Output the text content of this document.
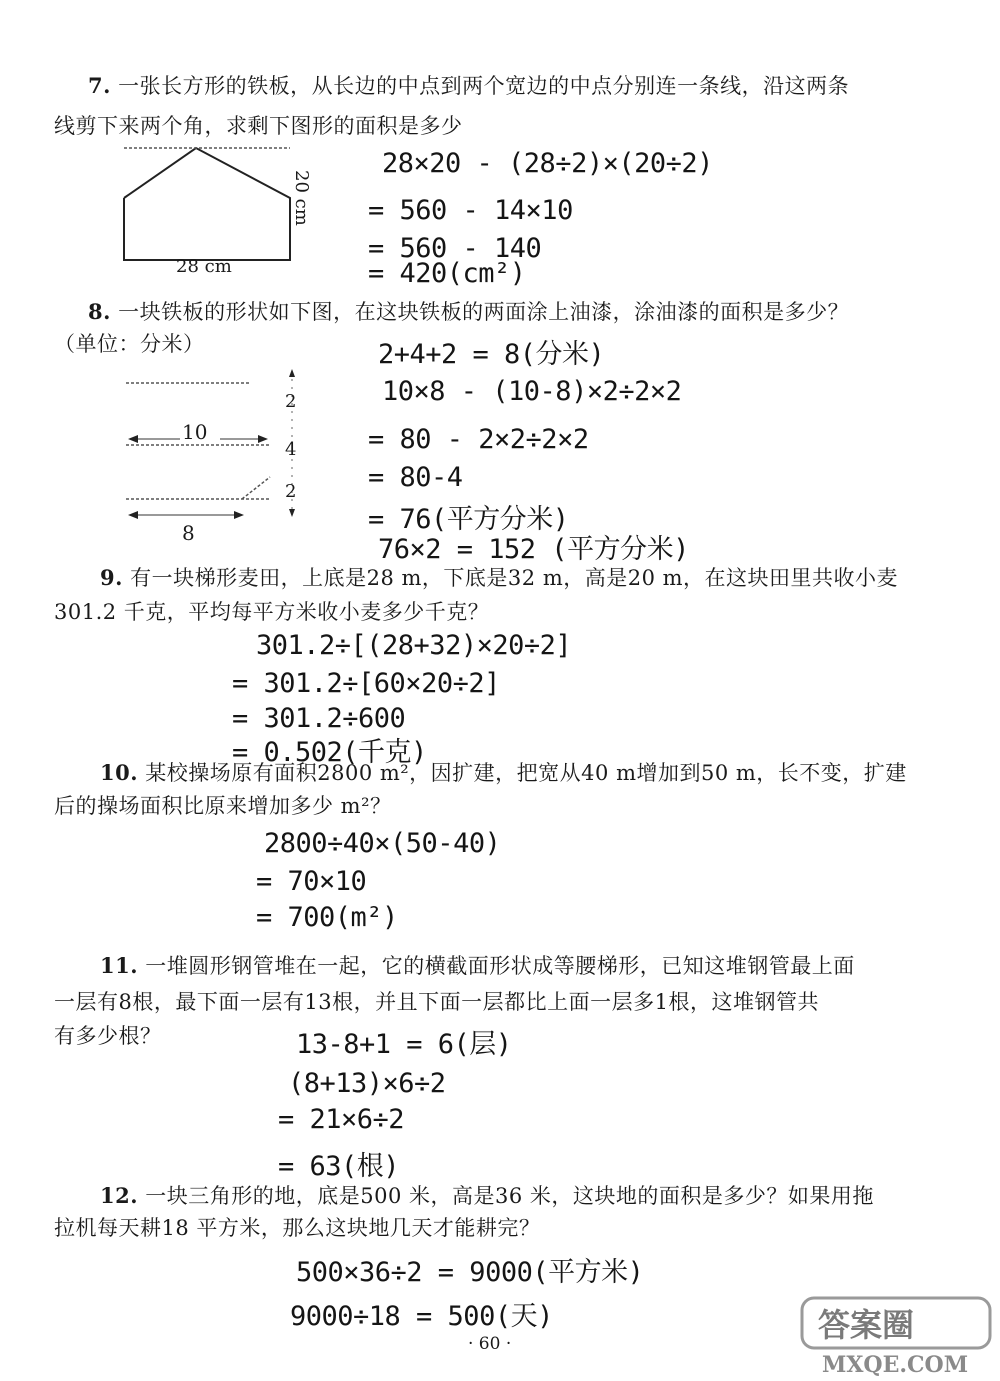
7. 一张长方形的铁板，从长边的中点到两个宽边的中点分别连一条线，沿这两条
线剪下来两个角，求剩下图形的面积是多少
28 cm
20 cm
28×20 - (28÷2)×(20÷2)
= 560 - 14×10
= 560 - 140
= 420(cm²)
8. 一块铁板的形状如下图，在这块铁板的两面涂上油漆，涂油漆的面积是多少？
（单位：分米）
10
8
2
4
2
2+4+2 = 8(分米)
10×8 - (10-8)×2÷2×2
= 80 - 2×2÷2×2
= 80-4
= 76(平方分米)
76×2 = 152 (平方分米)
9. 有一块梯形麦田，上底是28 m，下底是32 m，高是20 m，在这块田里共收小麦
301.2 千克，平均每平方米收小麦多少千克？
301.2÷[(28+32)×20÷2]
= 301.2÷[60×20÷2]
= 301.2÷600
= 0.502(千克)
10. 某校操场原有面积2800 m²，因扩建，把宽从40 m增加到50 m，长不变，扩建
后的操场面积比原来增加多少 m²？
2800÷40×(50-40)
= 70×10
= 700(m²)
11. 一堆圆形钢管堆在一起，它的横截面形状成等腰梯形，已知这堆钢管最上面
一层有8根，最下面一层有13根，并且下面一层都比上面一层多1根，这堆钢管共
有多少根？	13-8+1 = 6(层)
(8+13)×6÷2
= 21×6÷2
= 63(根)
12. 一块三角形的地，底是500 米，高是36 米，这块地的面积是多少？如果用拖
拉机每天耕18 平方米，那么这块地几天才能耕完？
500×36÷2 = 9000(平方米)
9000÷18 = 500(天)
· 60 ·	答案圈
MXQE.COM
